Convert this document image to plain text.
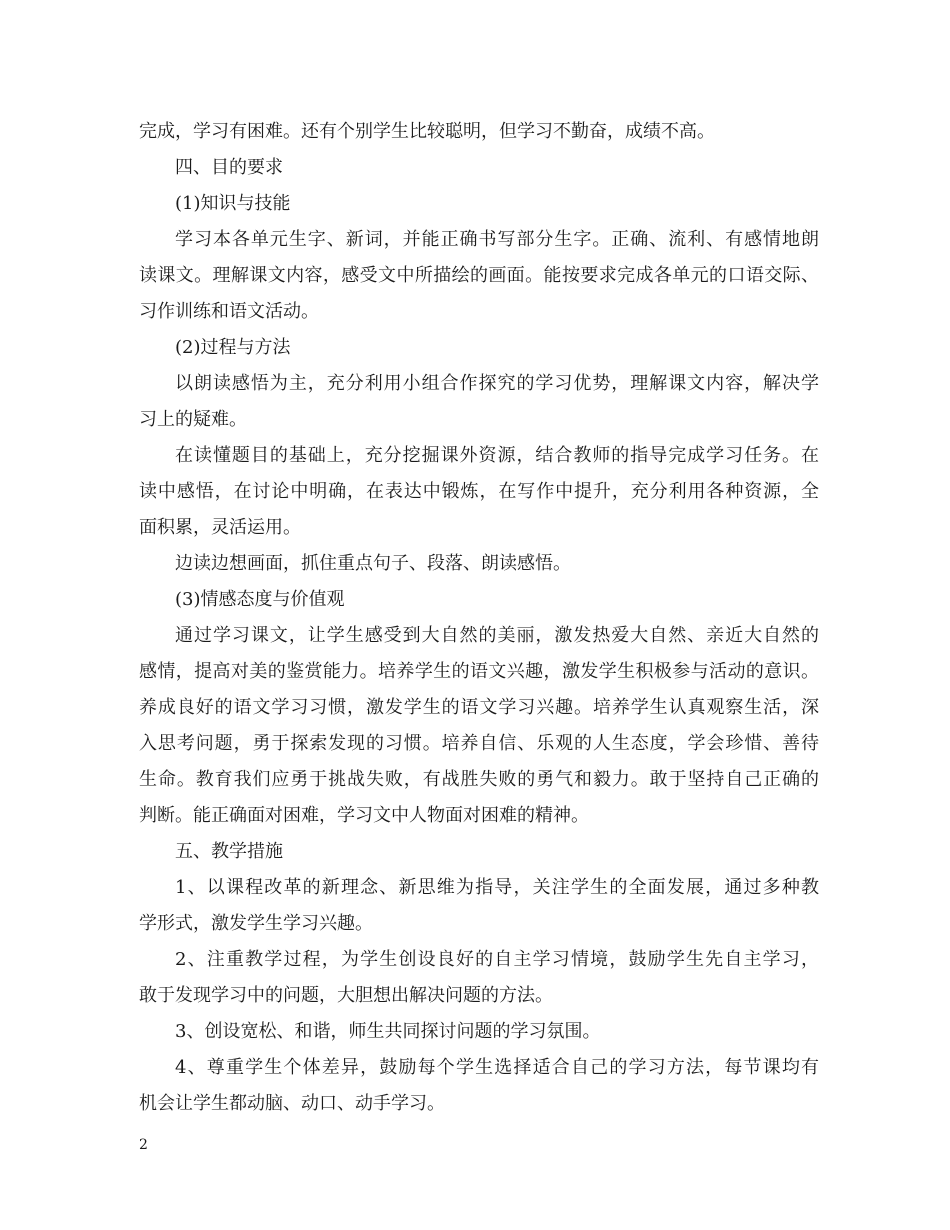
完成，学习有困难。还有个别学生比较聪明，但学习不勤奋，成绩不高。
四、目的要求
(1)知识与技能
学习本各单元生字、新词，并能正确书写部分生字。正确、流利、有感情地朗
读课文。理解课文内容，感受文中所描绘的画面。能按要求完成各单元的口语交际、
习作训练和语文活动。
(2)过程与方法
以朗读感悟为主，充分利用小组合作探究的学习优势，理解课文内容，解决学
习上的疑难。
在读懂题目的基础上，充分挖掘课外资源，结合教师的指导完成学习任务。在
读中感悟，在讨论中明确，在表达中锻炼，在写作中提升，充分利用各种资源，全
面积累，灵活运用。
边读边想画面，抓住重点句子、段落、朗读感悟。
(3)情感态度与价值观
通过学习课文，让学生感受到大自然的美丽，激发热爱大自然、亲近大自然的
感情，提高对美的鉴赏能力。培养学生的语文兴趣，激发学生积极参与活动的意识。
养成良好的语文学习习惯，激发学生的语文学习兴趣。培养学生认真观察生活，深
入思考问题，勇于探索发现的习惯。培养自信、乐观的人生态度，学会珍惜、善待
生命。教育我们应勇于挑战失败，有战胜失败的勇气和毅力。敢于坚持自己正确的
判断。能正确面对困难，学习文中人物面对困难的精神。
五、教学措施
1、以课程改革的新理念、新思维为指导，关注学生的全面发展，通过多种教
学形式，激发学生学习兴趣。
2、注重教学过程，为学生创设良好的自主学习情境，鼓励学生先自主学习，
敢于发现学习中的问题，大胆想出解决问题的方法。
3、创设宽松、和谐，师生共同探讨问题的学习氛围。
4、尊重学生个体差异，鼓励每个学生选择适合自己的学习方法，每节课均有
机会让学生都动脑、动口、动手学习。
2
